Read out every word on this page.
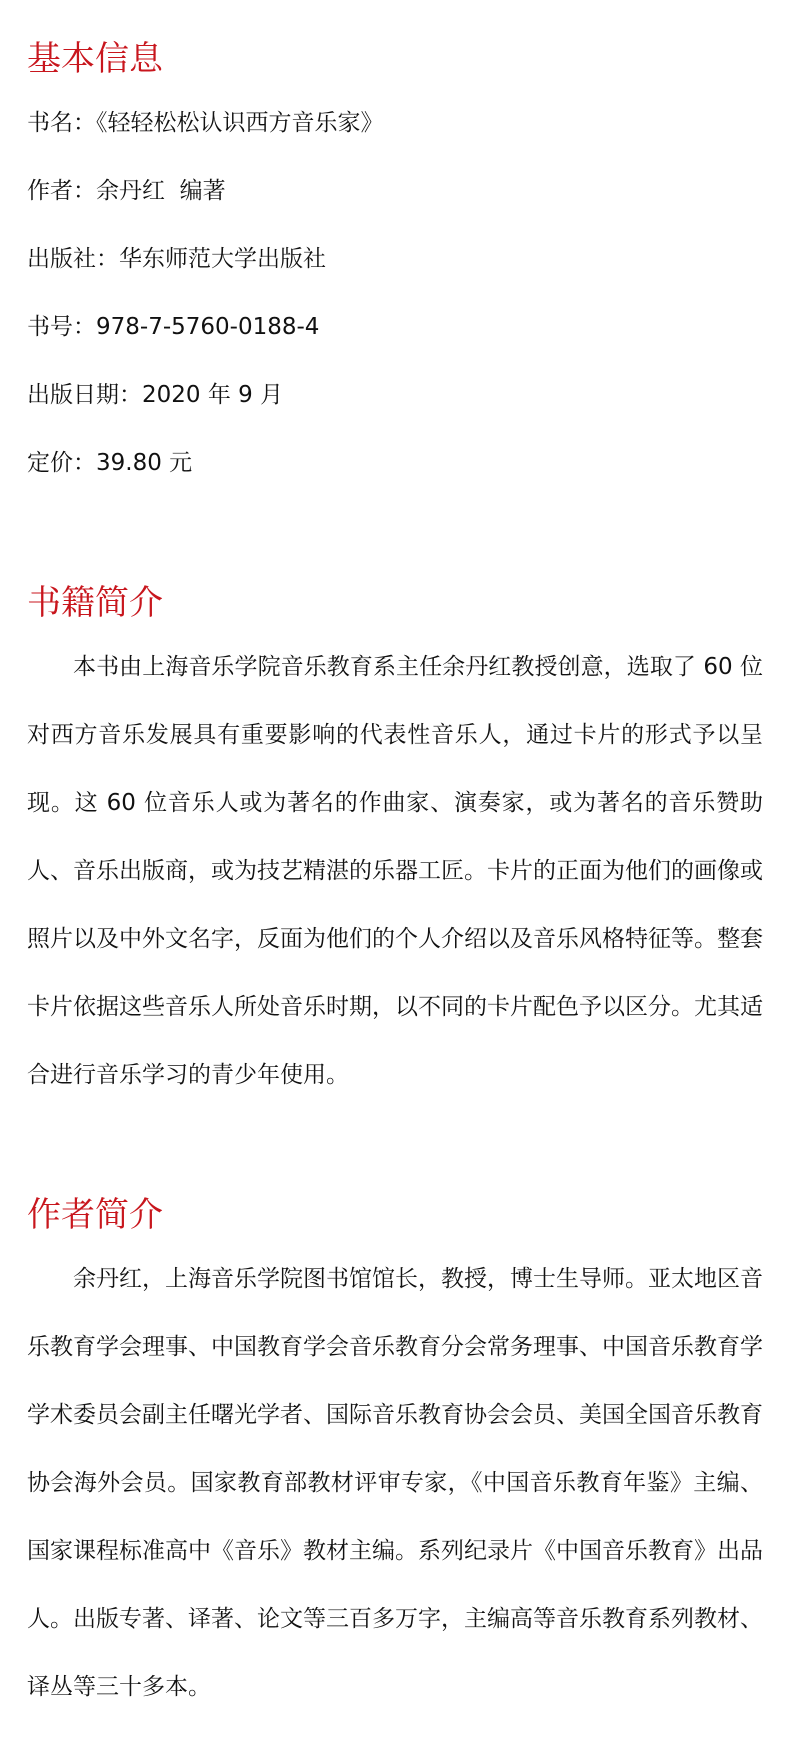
基本信息
书名：《轻轻松松认识西方音乐家》
作者：余丹红  编著
出版社：华东师范大学出版社
书号：978-7-5760-0188-4
出版日期：2020 年 9 月
定价：39.80 元
书籍简介

本书由上海音乐学院音乐教育系主任余丹红教授创意，选取了 60 位对西方音乐发展具有重要影响的代表性音乐人，通过卡片的形式予以呈现。这 60 位音乐人或为著名的作曲家、演奏家，或为著名的音乐赞助人、音乐出版商，或为技艺精湛的乐器工匠。卡片的正面为他们的画像或照片以及中外文名字，反面为他们的个人介绍以及音乐风格特征等。整套卡片依据这些音乐人所处音乐时期，以不同的卡片配色予以区分。尤其适合进行音乐学习的青少年使用。

作者简介

余丹红，上海音乐学院图书馆馆长，教授，博士生导师。亚太地区音乐教育学会理事、中国教育学会音乐教育分会常务理事、中国音乐教育学学术委员会副主任曙光学者、国际音乐教育协会会员、美国全国音乐教育协会海外会员。国家教育部教材评审专家，《中国音乐教育年鉴》主编、国家课程标准高中《音乐》教材主编。系列纪录片《中国音乐教育》出品人。出版专著、译著、论文等三百多万字，主编高等音乐教育系列教材、译丛等三十多本。
